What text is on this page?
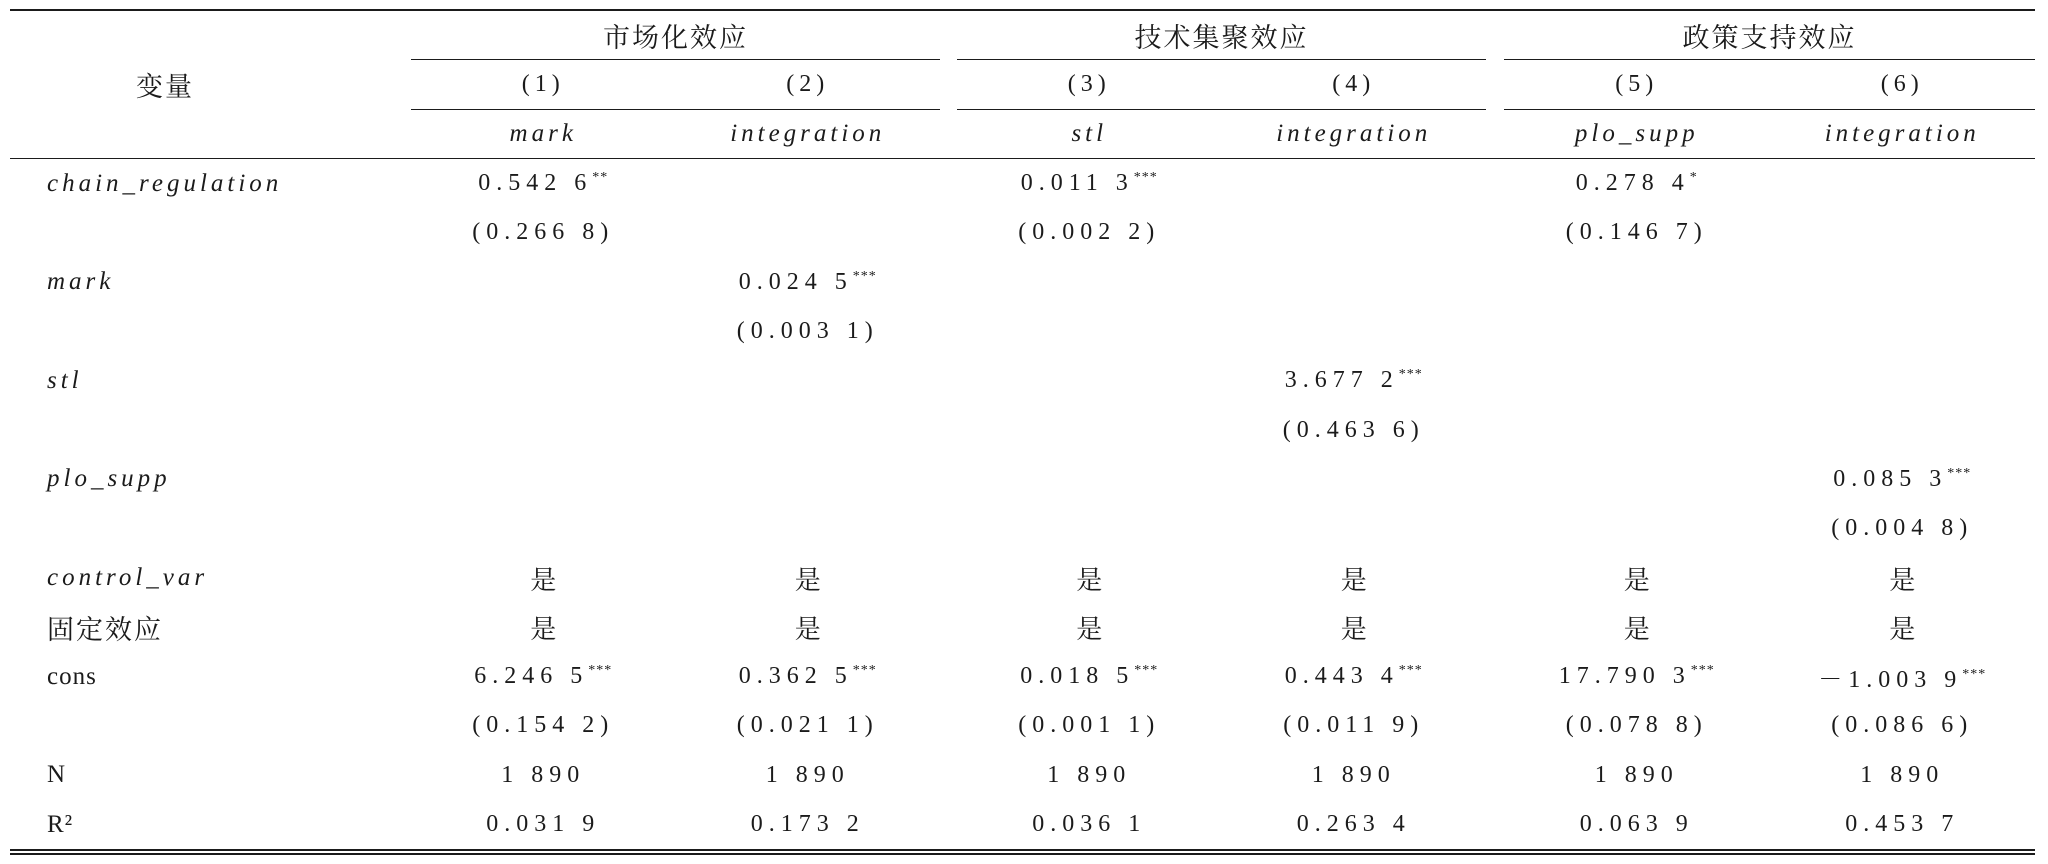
变量	市场化效应			技术集聚效应			政策支持效应	
	(1)	(2)		(3)	(4)		(5)	(6)
	mark	integration		stl	integration		plo_supp	integration
chain_regulation	0.542 6**			0.011 3***			0.278 4*	
	(0.266 8)			(0.002 2)			(0.146 7)	
mark		0.024 5***						
		(0.003 1)						
stl					3.677 2***			
					(0.463 6)			
plo_supp								0.085 3***
								(0.004 8)
control_var	是	是		是	是		是	是
固定效应	是	是		是	是		是	是
cons	6.246 5***	0.362 5***		0.018 5***	0.443 4***		17.790 3***	－1.003 9***
	(0.154 2)	(0.021 1)		(0.001 1)	(0.011 9)		(0.078 8)	(0.086 6)
N	1 890	1 890		1 890	1 890		1 890	1 890
R²	0.031 9	0.173 2		0.036 1	0.263 4		0.063 9	0.453 7
